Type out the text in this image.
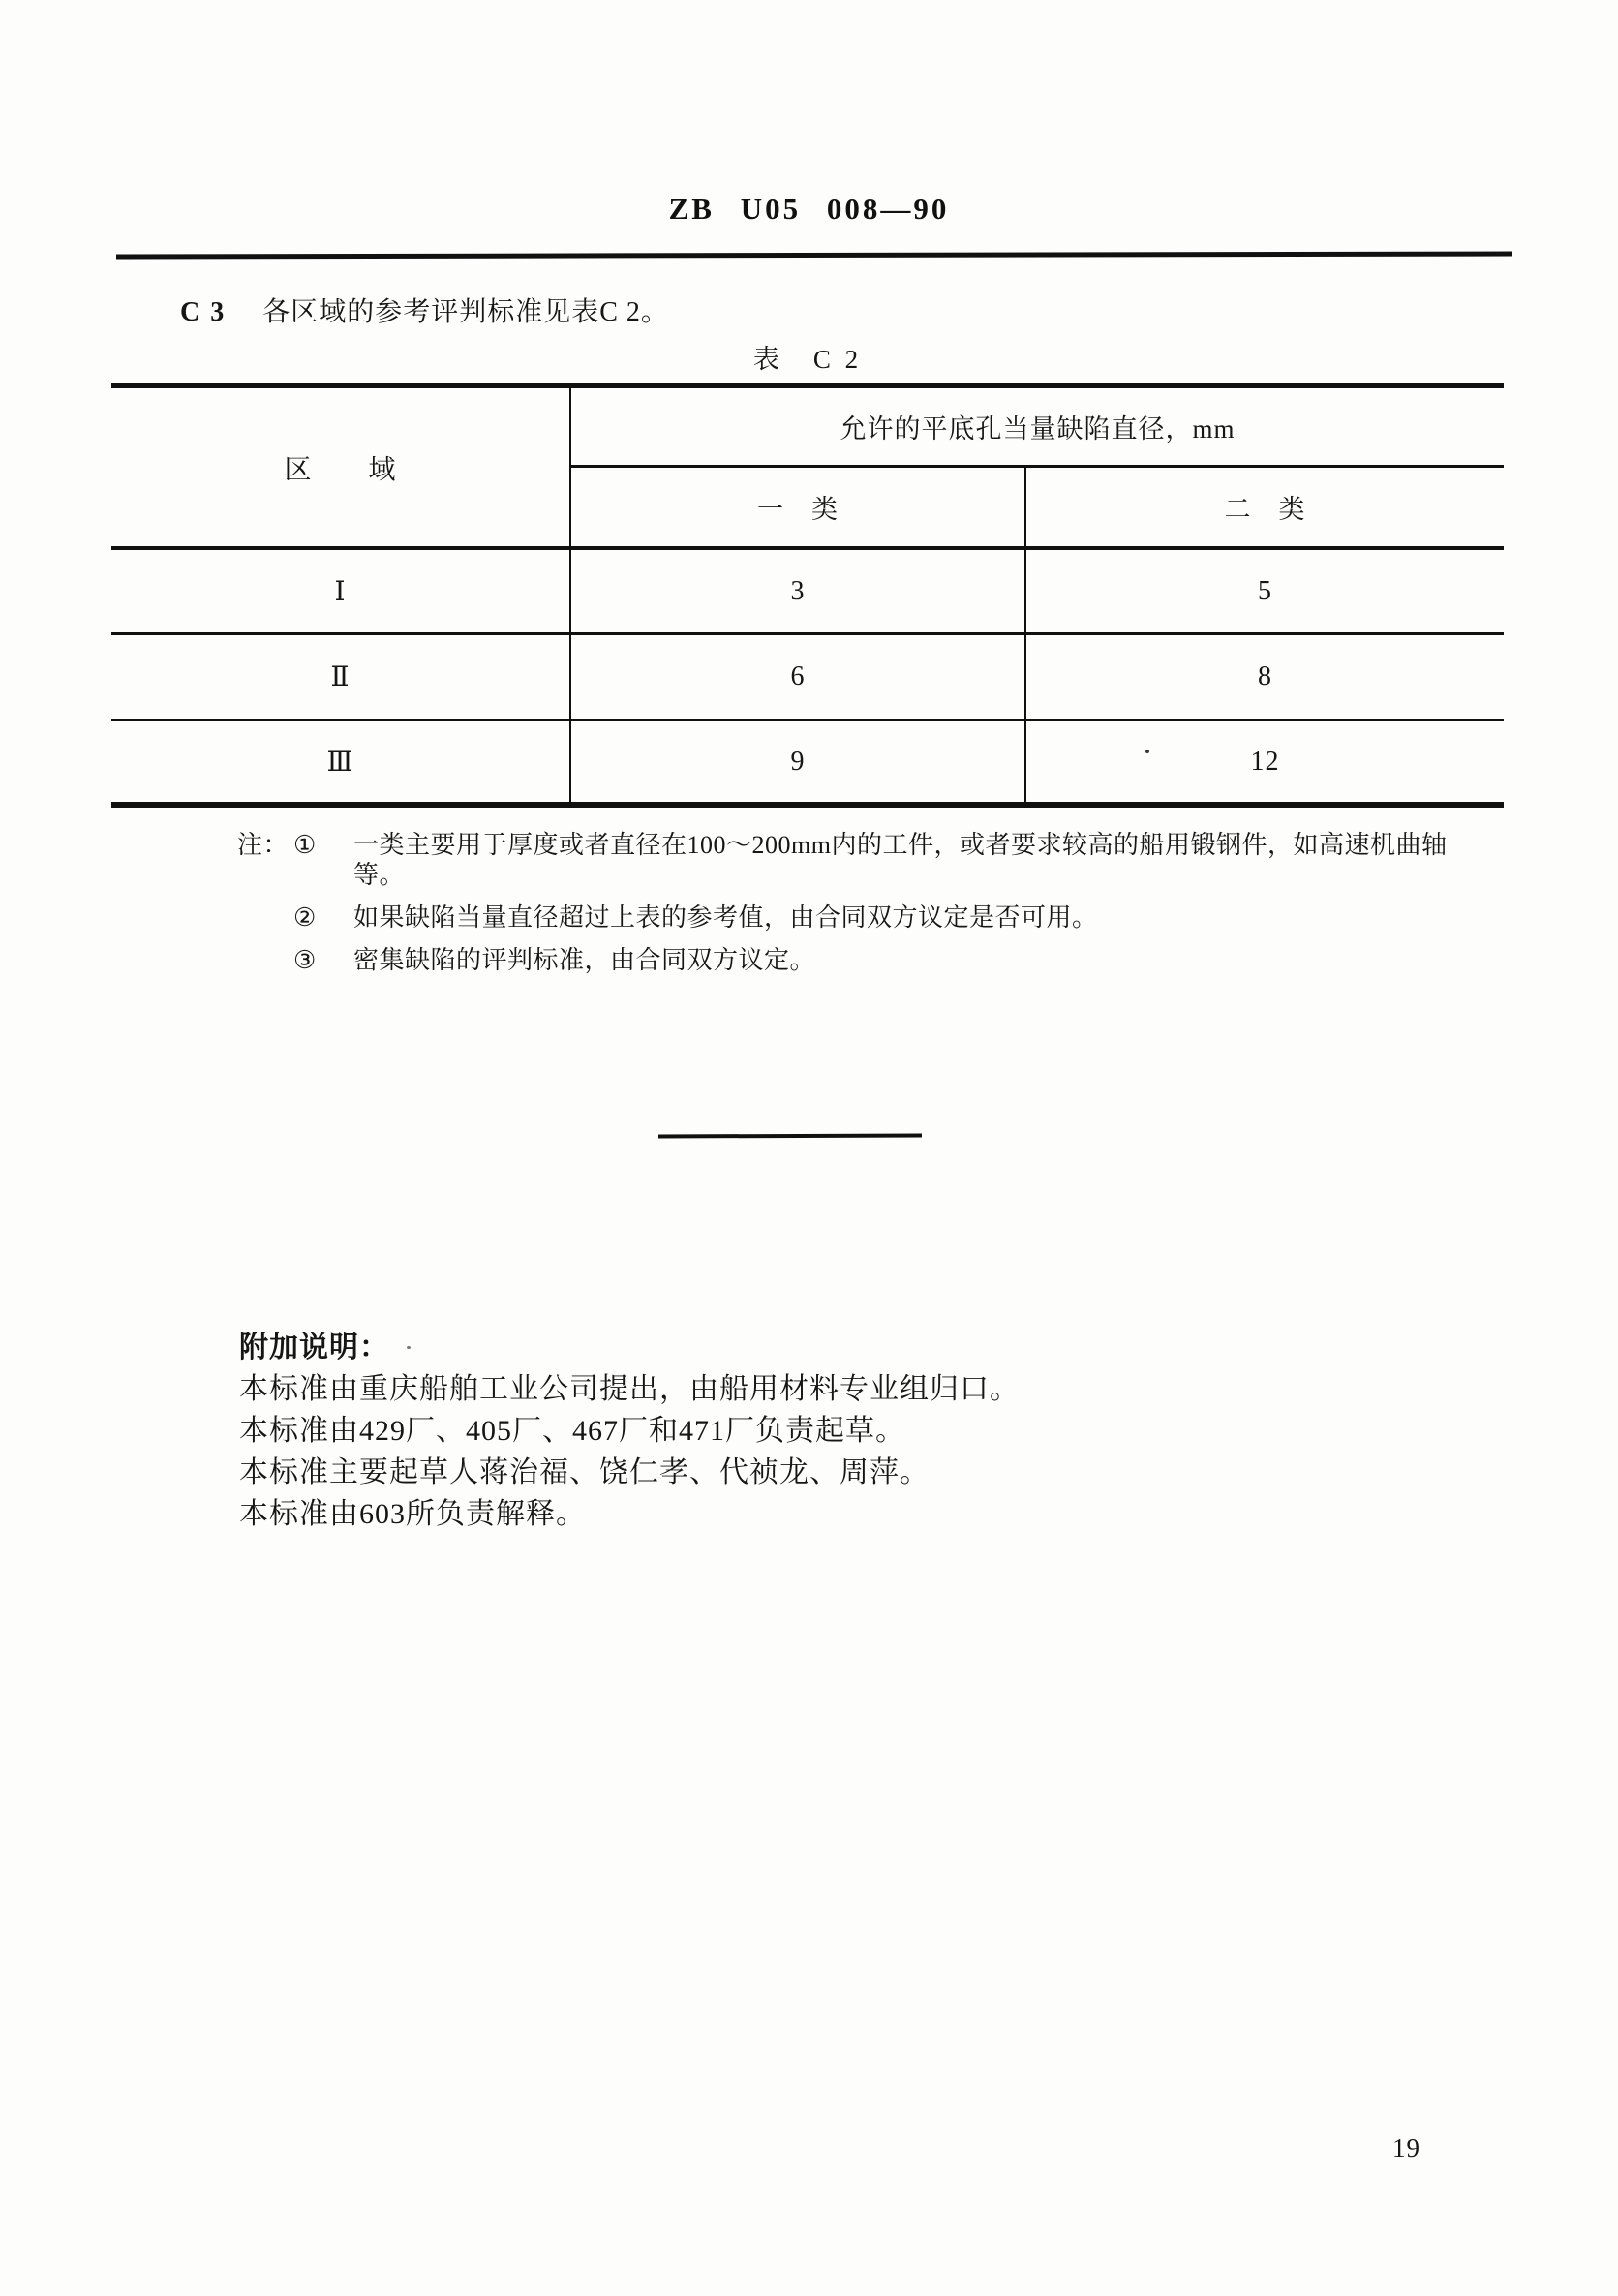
ZB U05 008—90
C 3 各区域的参考评判标准见表C 2。
表　C 2
区　　域
允许的平底孔当量缺陷直径，mm
一　类	二　类
Ⅰ	3	5
Ⅱ	6	8
Ⅲ	9	12
注： ①	一类主要用于厚度或者直径在100～200mm内的工件，或者要求较高的船用锻钢件，如高速机曲轴等。
②	如果缺陷当量直径超过上表的参考值，由合同双方议定是否可用。
③	密集缺陷的评判标准，由合同双方议定。
附加说明：
本标准由重庆船舶工业公司提出，由船用材料专业组归口。
本标准由429厂、405厂、467厂和471厂负责起草。
本标准主要起草人蒋治福、饶仁孝、代祯龙、周萍。
本标准由603所负责解释。
19
